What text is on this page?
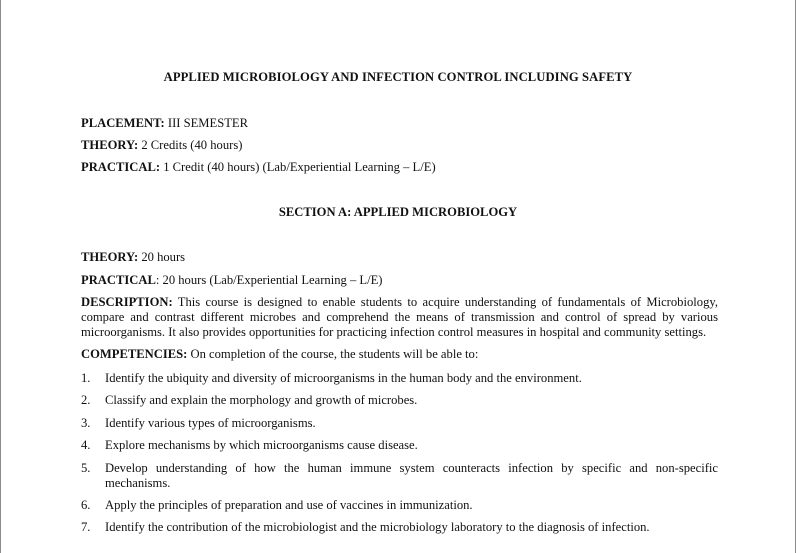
APPLIED MICROBIOLOGY AND INFECTION CONTROL INCLUDING SAFETY
PLACEMENT: III SEMESTER
THEORY: 2 Credits (40 hours)
PRACTICAL: 1 Credit (40 hours) (Lab/Experiential Learning – L/E)
SECTION A: APPLIED MICROBIOLOGY
THEORY: 20 hours
PRACTICAL: 20 hours (Lab/Experiential Learning – L/E)
DESCRIPTION: This course is designed to enable students to acquire understanding of fundamentals of Microbiology, compare and contrast different microbes and comprehend the means of transmission and control of spread by various microorganisms. It also provides opportunities for practicing infection control measures in hospital and community settings.
COMPETENCIES: On completion of the course, the students will be able to:
1.	Identify the ubiquity and diversity of microorganisms in the human body and the environment.
2.	Classify and explain the morphology and growth of microbes.
3.	Identify various types of microorganisms.
4.	Explore mechanisms by which microorganisms cause disease.
5.	Develop understanding of how the human immune system counteracts infection by specific and non-specific mechanisms.
6.	Apply the principles of preparation and use of vaccines in immunization.
7.	Identify the contribution of the microbiologist and the microbiology laboratory to the diagnosis of infection.
